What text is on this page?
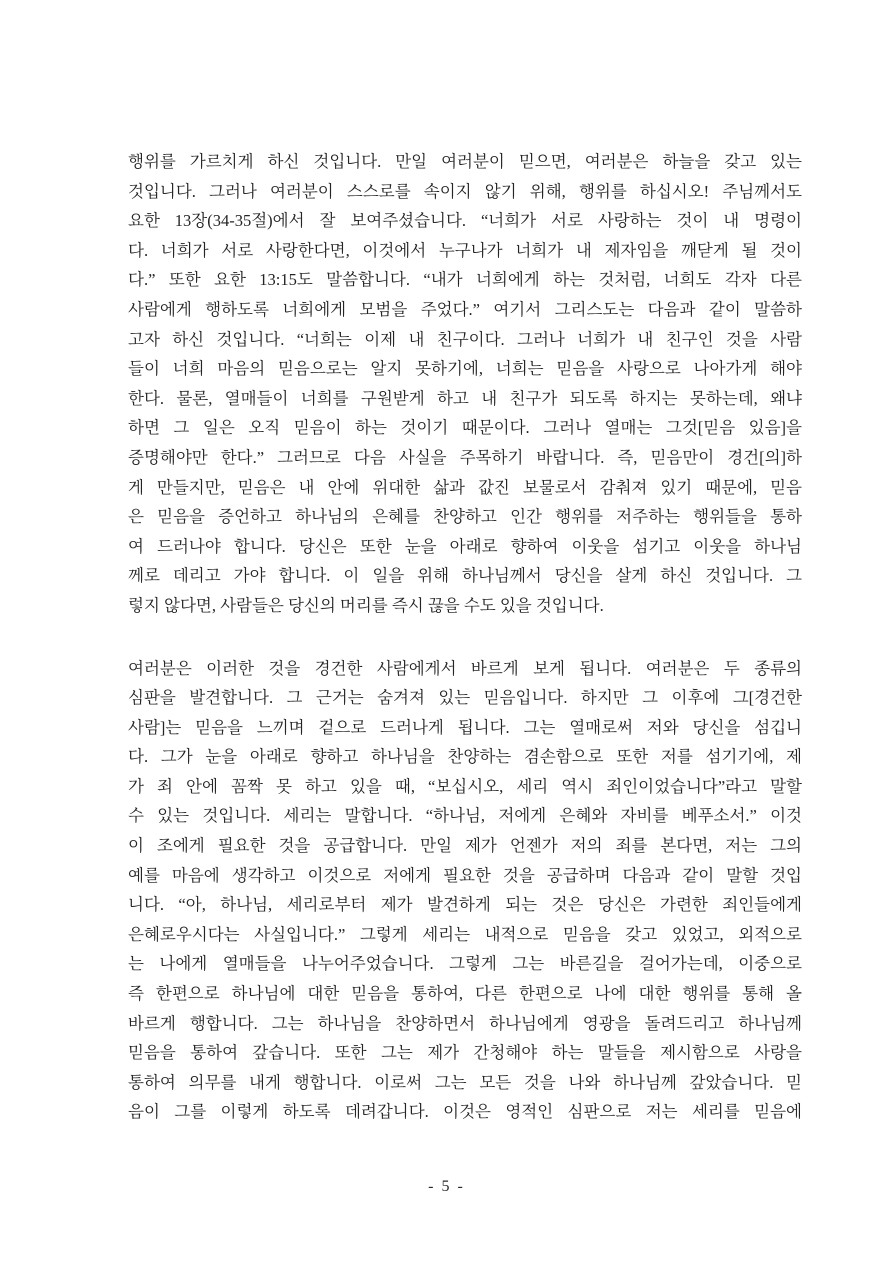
행위를 가르치게 하신 것입니다. 만일 여러분이 믿으면, 여러분은 하늘을 갖고 있는
것입니다. 그러나 여러분이 스스로를 속이지 않기 위해, 행위를 하십시오! 주님께서도
요한 13장(34-35절)에서 잘 보여주셨습니다. “너희가 서로 사랑하는 것이 내 명령이
다. 너희가 서로 사랑한다면, 이것에서 누구나가 너희가 내 제자임을 깨닫게 될 것이
다.” 또한 요한 13:15도 말씀합니다. “내가 너희에게 하는 것처럼, 너희도 각자 다른
사람에게 행하도록 너희에게 모범을 주었다.” 여기서 그리스도는 다음과 같이 말씀하
고자 하신 것입니다. “너희는 이제 내 친구이다. 그러나 너희가 내 친구인 것을 사람
들이 너희 마음의 믿음으로는 알지 못하기에, 너희는 믿음을 사랑으로 나아가게 해야
한다. 물론, 열매들이 너희를 구원받게 하고 내 친구가 되도록 하지는 못하는데, 왜냐
하면 그 일은 오직 믿음이 하는 것이기 때문이다. 그러나 열매는 그것[믿음 있음]을
증명해야만 한다.” 그러므로 다음 사실을 주목하기 바랍니다. 즉, 믿음만이 경건[의]하
게 만들지만, 믿음은 내 안에 위대한 삶과 값진 보물로서 감춰져 있기 때문에, 믿음
은 믿음을 증언하고 하나님의 은혜를 찬양하고 인간 행위를 저주하는 행위들을 통하
여 드러나야 합니다. 당신은 또한 눈을 아래로 향하여 이웃을 섬기고 이웃을 하나님
께로 데리고 가야 합니다. 이 일을 위해 하나님께서 당신을 살게 하신 것입니다. 그
렇지 않다면, 사람들은 당신의 머리를 즉시 끊을 수도 있을 것입니다.
여러분은 이러한 것을 경건한 사람에게서 바르게 보게 됩니다. 여러분은 두 종류의
심판을 발견합니다. 그 근거는 숨겨져 있는 믿음입니다. 하지만 그 이후에 그[경건한
사람]는 믿음을 느끼며 겉으로 드러나게 됩니다. 그는 열매로써 저와 당신을 섬깁니
다. 그가 눈을 아래로 향하고 하나님을 찬양하는 겸손함으로 또한 저를 섬기기에, 제
가 죄 안에 꼼짝 못 하고 있을 때, “보십시오, 세리 역시 죄인이었습니다”라고 말할
수 있는 것입니다. 세리는 말합니다. “하나님, 저에게 은혜와 자비를 베푸소서.” 이것
이 조에게 필요한 것을 공급합니다. 만일 제가 언젠가 저의 죄를 본다면, 저는 그의
예를 마음에 생각하고 이것으로 저에게 필요한 것을 공급하며 다음과 같이 말할 것입
니다. “아, 하나님, 세리로부터 제가 발견하게 되는 것은 당신은 가련한 죄인들에게
은혜로우시다는 사실입니다.” 그렇게 세리는 내적으로 믿음을 갖고 있었고, 외적으로
는 나에게 열매들을 나누어주었습니다. 그렇게 그는 바른길을 걸어가는데, 이중으로
즉 한편으로 하나님에 대한 믿음을 통하여, 다른 한편으로 나에 대한 행위를 통해 올
바르게 행합니다. 그는 하나님을 찬양하면서 하나님에게 영광을 돌려드리고 하나님께
믿음을 통하여 갚습니다. 또한 그는 제가 간청해야 하는 말들을 제시함으로 사랑을
통하여 의무를 내게 행합니다. 이로써 그는 모든 것을 나와 하나님께 갚았습니다. 믿
음이 그를 이렇게 하도록 데려갑니다. 이것은 영적인 심판으로 저는 세리를 믿음에
- 5 -
